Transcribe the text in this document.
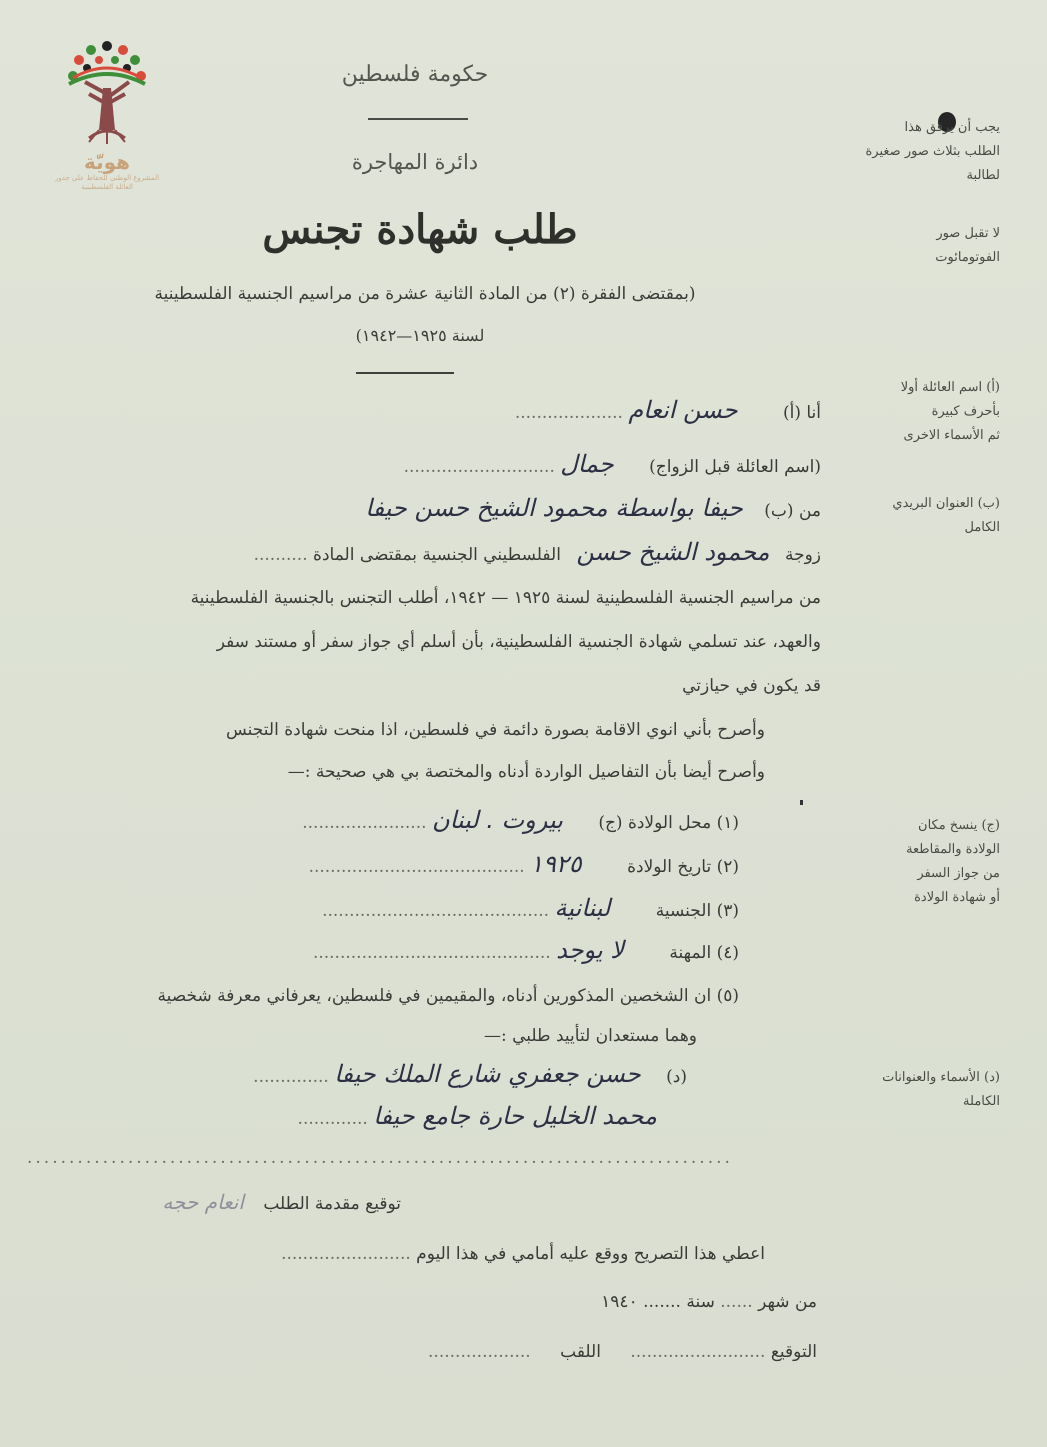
هويّة
المشروع الوطني للحفاظ على جذور العائلة الفلسطينية
حكومة فلسطين
دائرة المهاجرة
طلب شهادة تجنس
(بمقتضى الفقرة (٢) من المادة الثانية عشرة من مراسيم الجنسية الفلسطينية
لسنة ١٩٢٥—١٩٤٢)
يجب أن يرفق هذا
الطلب بثلاث صور صغيرة
لطالبة
لا تقبل صور
الفوتومائوت
(أ) اسم العائلة أولا
بأحرف كبيرة
ثم الأسماء الاخرى
(ب) العنوان البريدي
الكامل
(ج) ينسخ مكان
الولادة والمقاطعة
من جواز السفر
أو شهادة الولادة
(د) الأسماء والعنوانات
الكاملة
أنا (أ) حسن انعام ....................
(اسم العائلة قبل الزواج) جمال ............................
من (ب) حيفا بواسطة محمود الشيخ حسن حيفا
زوجة محمود الشيخ حسن الفلسطيني الجنسية بمقتضى المادة ..........
من مراسيم الجنسية الفلسطينية لسنة ١٩٢٥ — ١٩٤٢، أطلب التجنس بالجنسية الفلسطينية
والعهد، عند تسلمي شهادة الجنسية الفلسطينية، بأن أسلم أي جواز سفر أو مستند سفر
قد يكون في حيازتي
وأصرح بأني انوي الاقامة بصورة دائمة في فلسطين، اذا منحت شهادة التجنس
وأصرح أيضا بأن التفاصيل الواردة أدناه والمختصة بي هي صحيحة :—
(١) محل الولادة (ج) بيروت . لبنان .......................
(٢) تاريخ الولادة ١٩٢٥ ........................................
(٣) الجنسية لبنانية ..........................................
(٤) المهنة لا يوجد ............................................
(٥) ان الشخصين المذكورين أدناه، والمقيمين في فلسطين، يعرفاني معرفة شخصية
وهما مستعدان لتأييد طلبي :—
(د) حسن جعفري شارع الملك حيفا ..............
محمد الخليل حارة جامع حيفا .............
....................................................................................
توقيع مقدمة الطلب انعام حجه
اعطي هذا التصريح ووقع عليه أمامي في هذا اليوم ........................
من شهر ...... سنة ....... ١٩٤٠
التوقيع ......................... اللقب ...................
